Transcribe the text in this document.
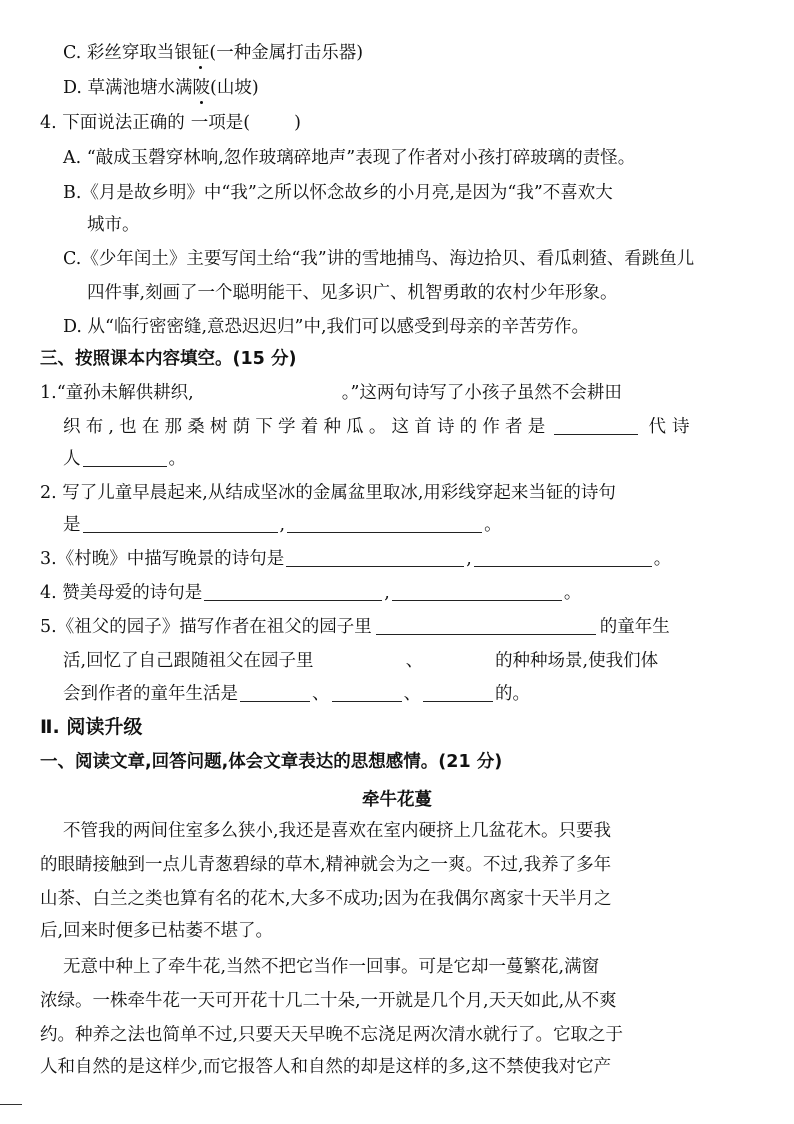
C. 彩丝穿取当银钲(一种金属打击乐器)
D. 草满池塘水满陂(山坡)
4. 下面说法正确的 一项是(	)
A. “敲成玉磬穿林响,忽作玻璃碎地声”表现了作者对小孩打碎玻璃的责怪。
B.《月是故乡明》中“我”之所以怀念故乡的小月亮,是因为“我”不喜欢大
城市。
C.《少年闰土》主要写闰土给“我”讲的雪地捕鸟、海边拾贝、看瓜刺猹、看跳鱼儿
四件事,刻画了一个聪明能干、见多识广、机智勇敢的农村少年形象。
D. 从“临行密密缝,意恐迟迟归”中,我们可以感受到母亲的辛苦劳作。
三、按照课本内容填空。(15 分)
1.“童孙未解供耕织,	。”这两句诗写了小孩子虽然不会耕田
织布,也在那桑树荫下学着种瓜。这首诗的作者是	代诗
人	。
2. 写了儿童早晨起来,从结成坚冰的金属盆里取冰,用彩线穿起来当钲的诗句
是	,	。
3.《村晚》中描写晚景的诗句是	,	。
4. 赞美母爱的诗句是	,	。
5.《祖父的园子》描写作者在祖父的园子里	的童年生
活,回忆了自己跟随祖父在园子里	、	的种种场景,使我们体
会到作者的童年生活是	、	、	的。
Ⅱ. 阅读升级
一、阅读文章,回答问题,体会文章表达的思想感情。(21 分)
牵牛花蔓
不管我的两间住室多么狭小,我还是喜欢在室内硬挤上几盆花木。只要我
的眼睛接触到一点儿青葱碧绿的草木,精神就会为之一爽。不过,我养了多年
山茶、白兰之类也算有名的花木,大多不成功;因为在我偶尔离家十天半月之
后,回来时便多已枯萎不堪了。
无意中种上了牵牛花,当然不把它当作一回事。可是它却一蔓繁花,满窗
浓绿。一株牵牛花一天可开花十几二十朵,一开就是几个月,天天如此,从不爽
约。种养之法也简单不过,只要天天早晚不忘浇足两次清水就行了。它取之于
人和自然的是这样少,而它报答人和自然的却是这样的多,这不禁使我对它产
